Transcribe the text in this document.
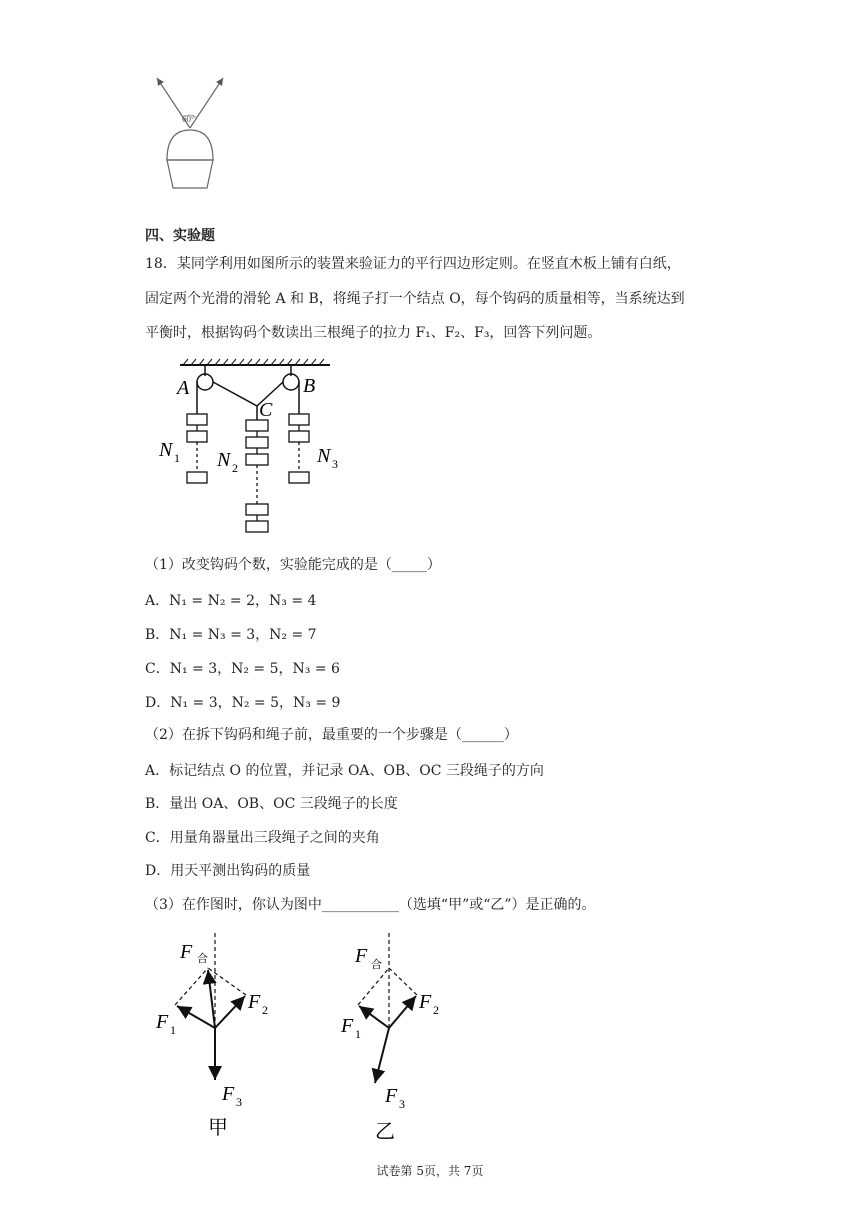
60°
四、实验题
18．某同学利用如图所示的装置来验证力的平行四边形定则。在竖直木板上铺有白纸，
固定两个光滑的滑轮 A 和 B，将绳子打一个结点 O，每个钩码的质量相等，当系统达到
平衡时，根据钩码个数读出三根绳子的拉力 F₁、F₂、F₃，回答下列问题。
A	B
C
N 1 N 2
N 3
（1）改变钩码个数，实验能完成的是（_____）
A．N₁ = N₂ = 2，N₃ = 4
B．N₁ = N₃ = 3，N₂ = 7
C．N₁ = 3，N₂ = 5，N₃ = 6
D．N₁ = 3，N₂ = 5，N₃ = 9
（2）在拆下钩码和绳子前，最重要的一个步骤是（______）
A．标记结点 O 的位置，并记录 OA、OB、OC 三段绳子的方向
B．量出 OA、OB、OC 三段绳子的长度
C．用量角器量出三段绳子之间的夹角
D．用天平测出钩码的质量
（3）在作图时，你认为图中___________（选填“甲”或“乙”）是正确的。
F 合
F 1
F 2
F 3
甲
F 合
F 1
F 2
F 3
乙
试卷第 5页，共 7页
